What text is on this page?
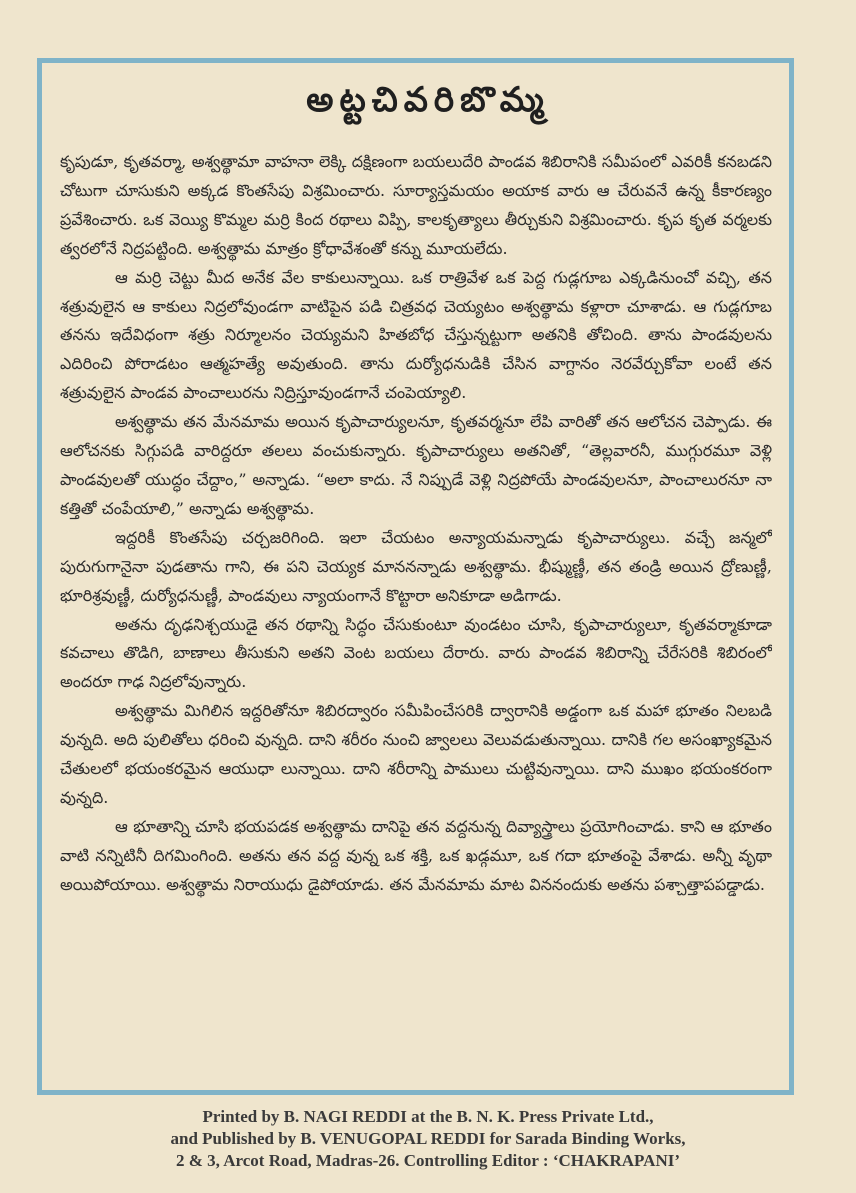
అట్టచివరిబొమ్మ

కృపుడూ, కృతవర్మా, అశ్వత్థామా వాహనా లెక్కి దక్షిణంగా బయలుదేరి పాండవ శిబిరానికి సమీపంలో ఎవరికీ కనబడని చోటుగా చూసుకుని అక్కడ కొంతసేపు విశ్రమించారు. సూర్యాస్తమయం అయాక వారు ఆ చేరువనే ఉన్న కీకారణ్యం ప్రవేశించారు. ఒక వెయ్యి కొమ్మల మర్రి కింద రథాలు విప్పి, కాలకృత్యాలు తీర్చుకుని విశ్రమించారు. కృప కృత వర్మలకు త్వరలోనే నిద్రపట్టింది. అశ్వత్థామ మాత్రం క్రోధావేశంతో కన్ను మూయలేదు.

ఆ మర్రి చెట్టు మీద అనేక వేల కాకులున్నాయి. ఒక రాత్రివేళ ఒక పెద్ద గుడ్లగూబ ఎక్కడినుంచో వచ్చి, తన శత్రువులైన ఆ కాకులు నిద్రలోవుండగా వాటిపైన పడి చిత్రవధ చెయ్యటం అశ్వత్థామ కళ్లారా చూశాడు. ఆ గుడ్లగూబ తనను ఇదేవిధంగా శత్రు నిర్మూలనం చెయ్యమని హితబోధ చేస్తున్నట్టుగా అతనికి తోచింది. తాను పాండవులను ఎదిరించి పోరాడటం ఆత్మహత్యే అవుతుంది. తాను దుర్యోధనుడికి చేసిన వాగ్దానం నెరవేర్చుకోవా లంటే తన శత్రువులైన పాండవ పాంచాలురను నిద్రిస్తూవుండగానే చంపెయ్యాలి.

అశ్వత్థామ తన మేనమామ అయిన కృపాచార్యులనూ, కృతవర్మనూ లేపి వారితో తన ఆలోచన చెప్పాడు. ఈ ఆలోచనకు సిగ్గుపడి వారిద్దరూ తలలు వంచుకున్నారు. కృపాచార్యులు అతనితో, “తెల్లవారనీ, ముగ్గురమూ వెళ్లి పాండవులతో యుద్ధం చేద్దాం,” అన్నాడు. “అలా కాదు. నే నిప్పుడే వెళ్లి నిద్రపోయే పాండవులనూ, పాంచాలురనూ నా కత్తితో చంపేయాలి,” అన్నాడు అశ్వత్థామ.

ఇద్దరికీ కొంతసేపు చర్చజరిగింది. ఇలా చేయటం అన్యాయమన్నాడు కృపాచార్యులు. వచ్చే జన్మలో పురుగుగానైనా పుడతాను గాని, ఈ పని చెయ్యక మాననన్నాడు అశ్వత్థామ. భీష్ముణ్ణీ, తన తండ్రి అయిన ద్రోణుణ్ణీ, భూరిశ్రవుణ్ణీ, దుర్యోధనుణ్ణీ, పాండవులు న్యాయంగానే కొట్టారా అనికూడా అడిగాడు.

అతను దృఢనిశ్చయుడై తన రథాన్ని సిద్ధం చేసుకుంటూ వుండటం చూసి, కృపాచార్యులూ, కృతవర్మాకూడా కవచాలు తొడిగి, బాణాలు తీసుకుని అతని వెంట బయలు దేరారు. వారు పాండవ శిబిరాన్ని చేరేసరికి శిబిరంలో అందరూ గాఢ నిద్రలోవున్నారు.

అశ్వత్థామ మిగిలిన ఇద్దరితోనూ శిబిరద్వారం సమీపించేసరికి ద్వారానికి అడ్డంగా ఒక మహా భూతం నిలబడి వున్నది. అది పులితోలు ధరించి వున్నది. దాని శరీరం నుంచి జ్వాలలు వెలువడుతున్నాయి. దానికి గల అసంఖ్యాకమైన చేతులలో భయంకరమైన ఆయుధా లున్నాయి. దాని శరీరాన్ని పాములు చుట్టివున్నాయి. దాని ముఖం భయంకరంగా వున్నది.

ఆ భూతాన్ని చూసి భయపడక అశ్వత్థామ దానిపై తన వద్దనున్న దివ్యాస్త్రాలు ప్రయోగించాడు. కాని ఆ భూతం వాటి నన్నిటినీ దిగమింగింది. అతను తన వద్ద వున్న ఒక శక్తి, ఒక ఖడ్గమూ, ఒక గదా భూతంపై వేశాడు. అన్నీ వృథా అయిపోయాయి. అశ్వత్థామ నిరాయుధు డైపోయాడు. తన మేనమామ మాట విననందుకు అతను పశ్చాత్తాపపడ్డాడు.

Printed by B. NAGI REDDI at the B. N. K. Press Private Ltd.,
and Published by B. VENUGOPAL REDDI for Sarada Binding Works,
2 & 3, Arcot Road, Madras-26. Controlling Editor : ‘CHAKRAPANI’
